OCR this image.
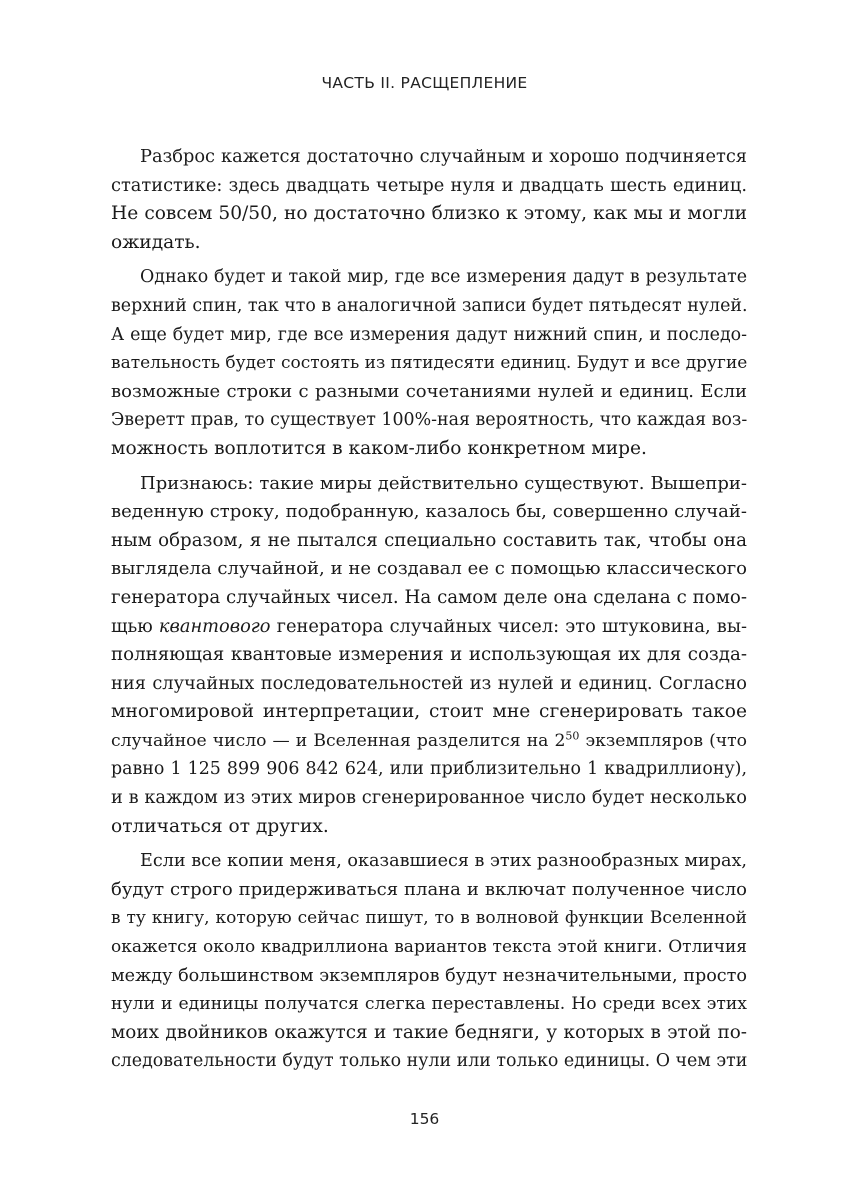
ЧАСТЬ II. РАСЩЕПЛЕНИЕ
Разброс кажется достаточно случайным и хорошо подчиняется
статистике: здесь двадцать четыре нуля и двадцать шесть единиц.
Не совсем 50/50, но достаточно близко к этому, как мы и могли
ожидать.
Однако будет и такой мир, где все измерения дадут в результате
верхний спин, так что в аналогичной записи будет пятьдесят нулей.
А еще будет мир, где все измерения дадут нижний спин, и последо-
вательность будет состоять из пятидесяти единиц. Будут и все другие
возможные строки с разными сочетаниями нулей и единиц. Если
Эверетт прав, то существует 100%-ная вероятность, что каждая воз-
можность воплотится в каком-либо конкретном мире.
Признаюсь: такие миры действительно существуют. Вышепри-
веденную строку, подобранную, казалось бы, совершенно случай-
ным образом, я не пытался специально составить так, чтобы она
выглядела случайной, и не создавал ее с помощью классического
генератора случайных чисел. На самом деле она сделана с помо-
щью квантового генератора случайных чисел: это штуковина, вы-
полняющая квантовые измерения и использующая их для созда-
ния случайных последовательностей из нулей и единиц. Согласно
многомировой интерпретации, стоит мне сгенерировать такое
случайное число — и Вселенная разделится на $2^{50}$ экземпляров (что
равно 1 125 899 906 842 624, или приблизительно 1 квадриллиону),
и в каждом из этих миров сгенерированное число будет несколько
отличаться от других.
Если все копии меня, оказавшиеся в этих разнообразных мирах,
будут строго придерживаться плана и включат полученное число
в ту книгу, которую сейчас пишут, то в волновой функции Вселенной
окажется около квадриллиона вариантов текста этой книги. Отличия
между большинством экземпляров будут незначительными, просто
нули и единицы получатся слегка переставлены. Но среди всех этих
моих двойников окажутся и такие бедняги, у которых в этой по-
следовательности будут только нули или только единицы. О чем эти
156
